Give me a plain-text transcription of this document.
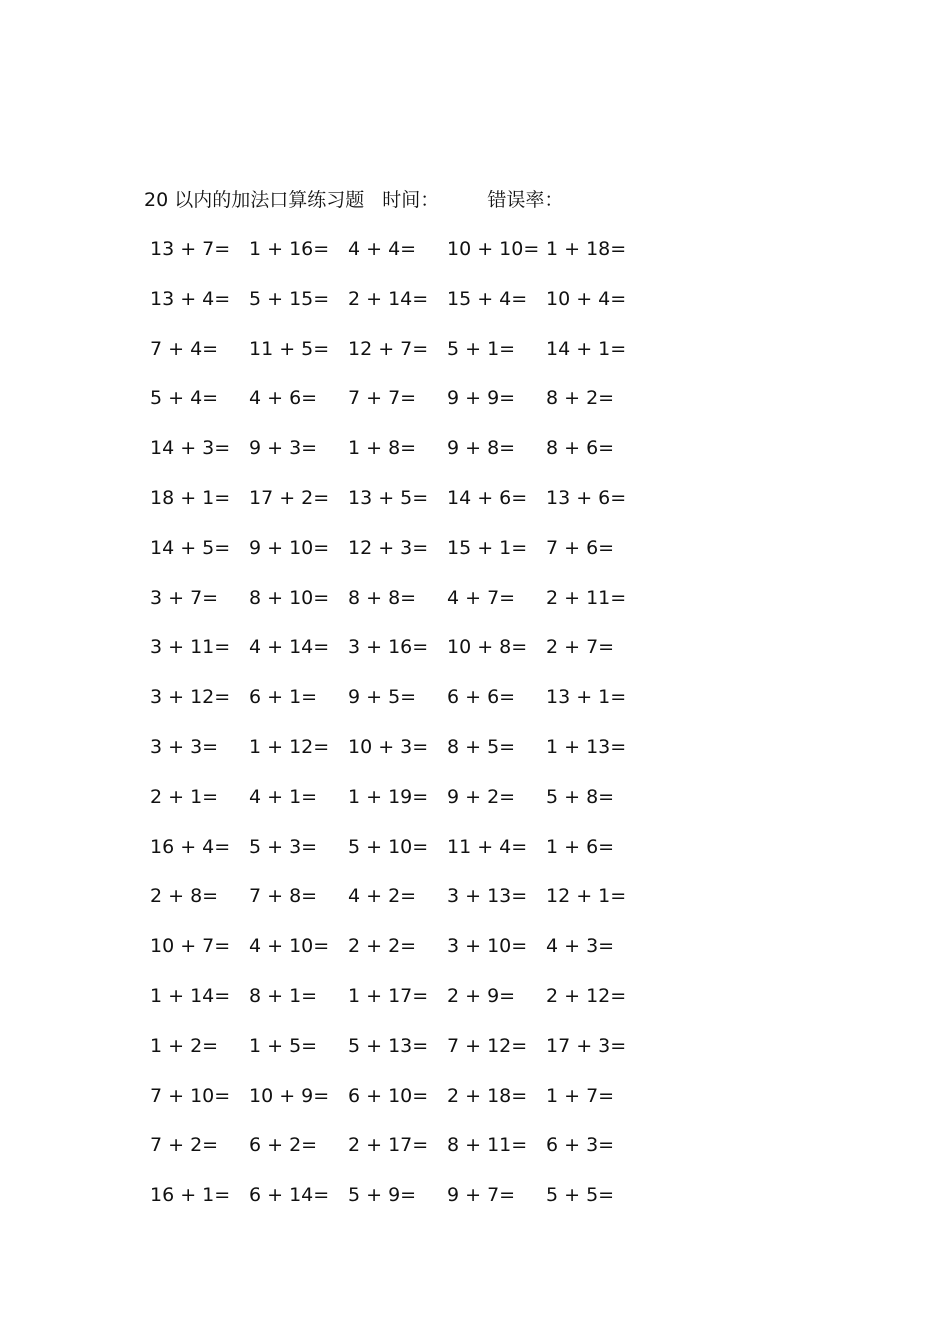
20 以内的加法口算练习题 时间：	错误率：
13 + 7= 1 + 16= 4 + 4= 10 + 10= 1 + 18=
13 + 4= 5 + 15= 2 + 14= 15 + 4= 10 + 4=
7 + 4= 11 + 5= 12 + 7= 5 + 1= 14 + 1=
5 + 4= 4 + 6= 7 + 7= 9 + 9= 8 + 2=
14 + 3= 9 + 3= 1 + 8= 9 + 8= 8 + 6=
18 + 1= 17 + 2= 13 + 5= 14 + 6= 13 + 6=
14 + 5= 9 + 10= 12 + 3= 15 + 1= 7 + 6=
3 + 7= 8 + 10= 8 + 8= 4 + 7= 2 + 11=
3 + 11= 4 + 14= 3 + 16= 10 + 8= 2 + 7=
3 + 12= 6 + 1= 9 + 5= 6 + 6= 13 + 1=
3 + 3= 1 + 12= 10 + 3= 8 + 5= 1 + 13=
2 + 1= 4 + 1= 1 + 19= 9 + 2= 5 + 8=
16 + 4= 5 + 3= 5 + 10= 11 + 4= 1 + 6=
2 + 8= 7 + 8= 4 + 2= 3 + 13= 12 + 1=
10 + 7= 4 + 10= 2 + 2= 3 + 10= 4 + 3=
1 + 14= 8 + 1= 1 + 17= 2 + 9= 2 + 12=
1 + 2= 1 + 5= 5 + 13= 7 + 12= 17 + 3=
7 + 10= 10 + 9= 6 + 10= 2 + 18= 1 + 7=
7 + 2= 6 + 2= 2 + 17= 8 + 11= 6 + 3=
16 + 1= 6 + 14= 5 + 9= 9 + 7= 5 + 5=
